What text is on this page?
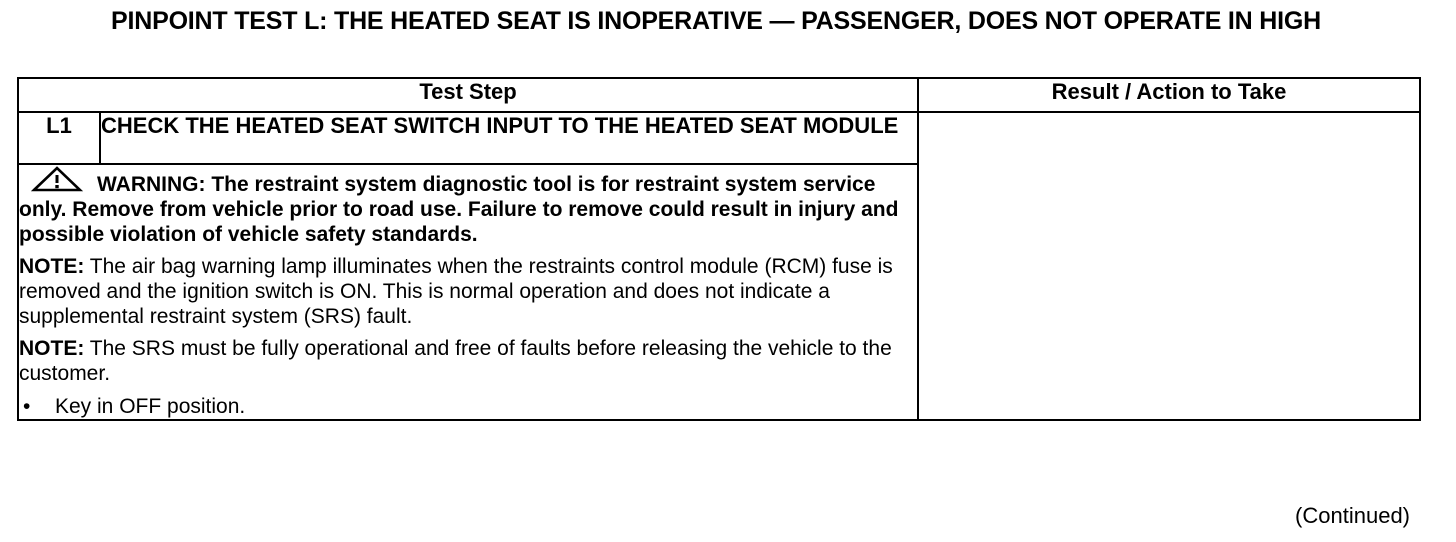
PINPOINT TEST L: THE HEATED SEAT IS INOPERATIVE — PASSENGER, DOES NOT OPERATE IN HIGH
Test Step		Result / Action to Take
L1	CHECK THE HEATED SEAT SWITCH INPUT TO THE HEATED SEAT MODULE	

WARNING: The restraint system diagnostic tool is for restraint system service only. Remove from vehicle prior to road use. Failure to remove could result in injury and possible violation of vehicle safety standards.

NOTE: The air bag warning lamp illuminates when the restraints control module (RCM) fuse is removed and the ignition switch is ON. This is normal operation and does not indicate a supplemental restraint system (SRS) fault.

NOTE: The SRS must be fully operational and free of faults before releasing the vehicle to the customer.

• Key in OFF position.		

(Continued)
